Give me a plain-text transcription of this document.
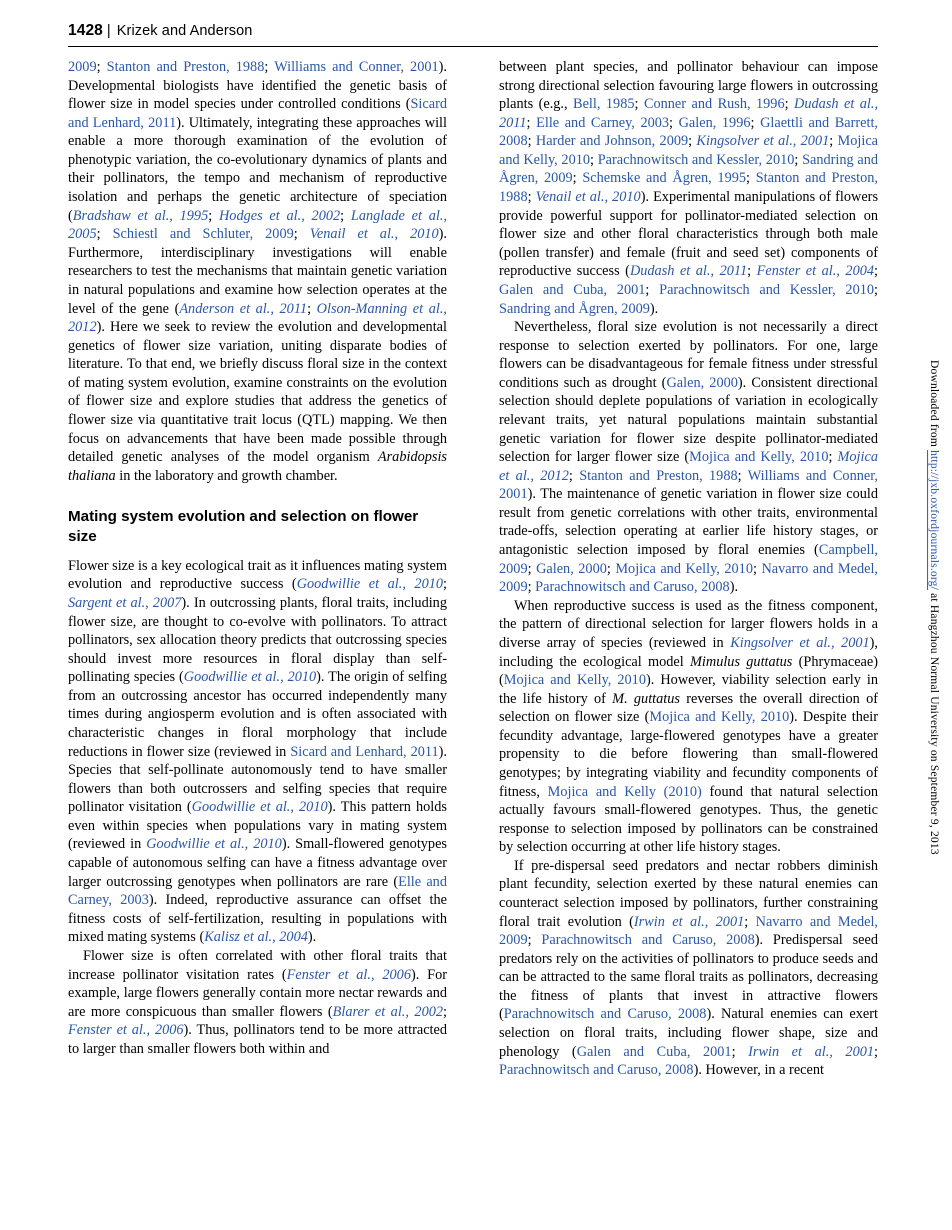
1428 | Krizek and Anderson
Downloaded from http://jxb.oxfordjournals.org/ at Hangzhou Normal University on September 9, 2013

2009; Stanton and Preston, 1988; Williams and Conner, 2001). Developmental biologists have identified the genetic basis of flower size in model species under controlled conditions (Sicard and Lenhard, 2011). Ultimately, integrating these approaches will enable a more thorough examination of the evolution of phenotypic variation, the co-evolutionary dynamics of plants and their pollinators, the tempo and mechanism of reproductive isolation and perhaps the genetic architecture of speciation (Bradshaw et al., 1995; Hodges et al., 2002; Langlade et al., 2005; Schiestl and Schluter, 2009; Venail et al., 2010). Furthermore, interdisciplinary investigations will enable researchers to test the mechanisms that maintain genetic variation in natural populations and examine how selection operates at the level of the gene (Anderson et al., 2011; Olson-Manning et al., 2012). Here we seek to review the evolution and developmental genetics of flower size variation, uniting disparate bodies of literature. To that end, we briefly discuss floral size in the context of mating system evolution, examine constraints on the evolution of flower size and explore studies that address the genetics of flower size via quantitative trait locus (QTL) mapping. We then focus on advancements that have been made possible through detailed genetic analyses of the model organism Arabidopsis thaliana in the laboratory and growth chamber.

Mating system evolution and selection on flower size

Flower size is a key ecological trait as it influences mating system evolution and reproductive success (Goodwillie et al., 2010; Sargent et al., 2007). In outcrossing plants, floral traits, including flower size, are thought to co-evolve with pollinators. To attract pollinators, sex allocation theory predicts that outcrossing species should invest more resources in floral display than self-pollinating species (Goodwillie et al., 2010). The origin of selfing from an outcrossing ancestor has occurred independently many times during angiosperm evolution and is often associated with characteristic changes in floral morphology that include reductions in flower size (reviewed in Sicard and Lenhard, 2011). Species that self-pollinate autonomously tend to have smaller flowers than both outcrossers and selfing species that require pollinator visitation (Goodwillie et al., 2010). This pattern holds even within species when populations vary in mating system (reviewed in Goodwillie et al., 2010). Small-flowered genotypes capable of autonomous selfing can have a fitness advantage over larger outcrossing genotypes when pollinators are rare (Elle and Carney, 2003). Indeed, reproductive assurance can offset the fitness costs of self-fertilization, resulting in populations with mixed mating systems (Kalisz et al., 2004).

Flower size is often correlated with other floral traits that increase pollinator visitation rates (Fenster et al., 2006). For example, large flowers generally contain more nectar rewards and are more conspicuous than smaller flowers (Blarer et al., 2002; Fenster et al., 2006). Thus, pollinators tend to be more attracted to larger than smaller flowers both within and

between plant species, and pollinator behaviour can impose strong directional selection favouring large flowers in outcrossing plants (e.g., Bell, 1985; Conner and Rush, 1996; Dudash et al., 2011; Elle and Carney, 2003; Galen, 1996; Glaettli and Barrett, 2008; Harder and Johnson, 2009; Kingsolver et al., 2001; Mojica and Kelly, 2010; Parachnowitsch and Kessler, 2010; Sandring and Ågren, 2009; Schemske and Ågren, 1995; Stanton and Preston, 1988; Venail et al., 2010). Experimental manipulations of flowers provide powerful support for pollinator-mediated selection on flower size and other floral characteristics through both male (pollen transfer) and female (fruit and seed set) components of reproductive success (Dudash et al., 2011; Fenster et al., 2004; Galen and Cuba, 2001; Parachnowitsch and Kessler, 2010; Sandring and Ågren, 2009).

Nevertheless, floral size evolution is not necessarily a direct response to selection exerted by pollinators. For one, large flowers can be disadvantageous for female fitness under stressful conditions such as drought (Galen, 2000). Consistent directional selection should deplete populations of variation in ecologically relevant traits, yet natural populations maintain substantial genetic variation for flower size despite pollinator-mediated selection for larger flower size (Mojica and Kelly, 2010; Mojica et al., 2012; Stanton and Preston, 1988; Williams and Conner, 2001). The maintenance of genetic variation in flower size could result from genetic correlations with other traits, environmental trade-offs, selection operating at earlier life history stages, or antagonistic selection imposed by floral enemies (Campbell, 2009; Galen, 2000; Mojica and Kelly, 2010; Navarro and Medel, 2009; Parachnowitsch and Caruso, 2008).

When reproductive success is used as the fitness component, the pattern of directional selection for larger flowers holds in a diverse array of species (reviewed in Kingsolver et al., 2001), including the ecological model Mimulus guttatus (Phrymaceae) (Mojica and Kelly, 2010). However, viability selection early in the life history of M. guttatus reverses the overall direction of selection on flower size (Mojica and Kelly, 2010). Despite their fecundity advantage, large-flowered genotypes have a greater propensity to die before flowering than small-flowered genotypes; by integrating viability and fecundity components of fitness, Mojica and Kelly (2010) found that natural selection actually favours small-flowered genotypes. Thus, the genetic response to selection imposed by pollinators can be constrained by selection occurring at other life history stages.

If pre-dispersal seed predators and nectar robbers diminish plant fecundity, selection exerted by these natural enemies can counteract selection imposed by pollinators, further constraining floral trait evolution (Irwin et al., 2001; Navarro and Medel, 2009; Parachnowitsch and Caruso, 2008). Predispersal seed predators rely on the activities of pollinators to produce seeds and can be attracted to the same floral traits as pollinators, decreasing the fitness of plants that invest in attractive flowers (Parachnowitsch and Caruso, 2008). Natural enemies can exert selection on floral traits, including flower shape, size and phenology (Galen and Cuba, 2001; Irwin et al., 2001; Parachnowitsch and Caruso, 2008). However, in a recent
